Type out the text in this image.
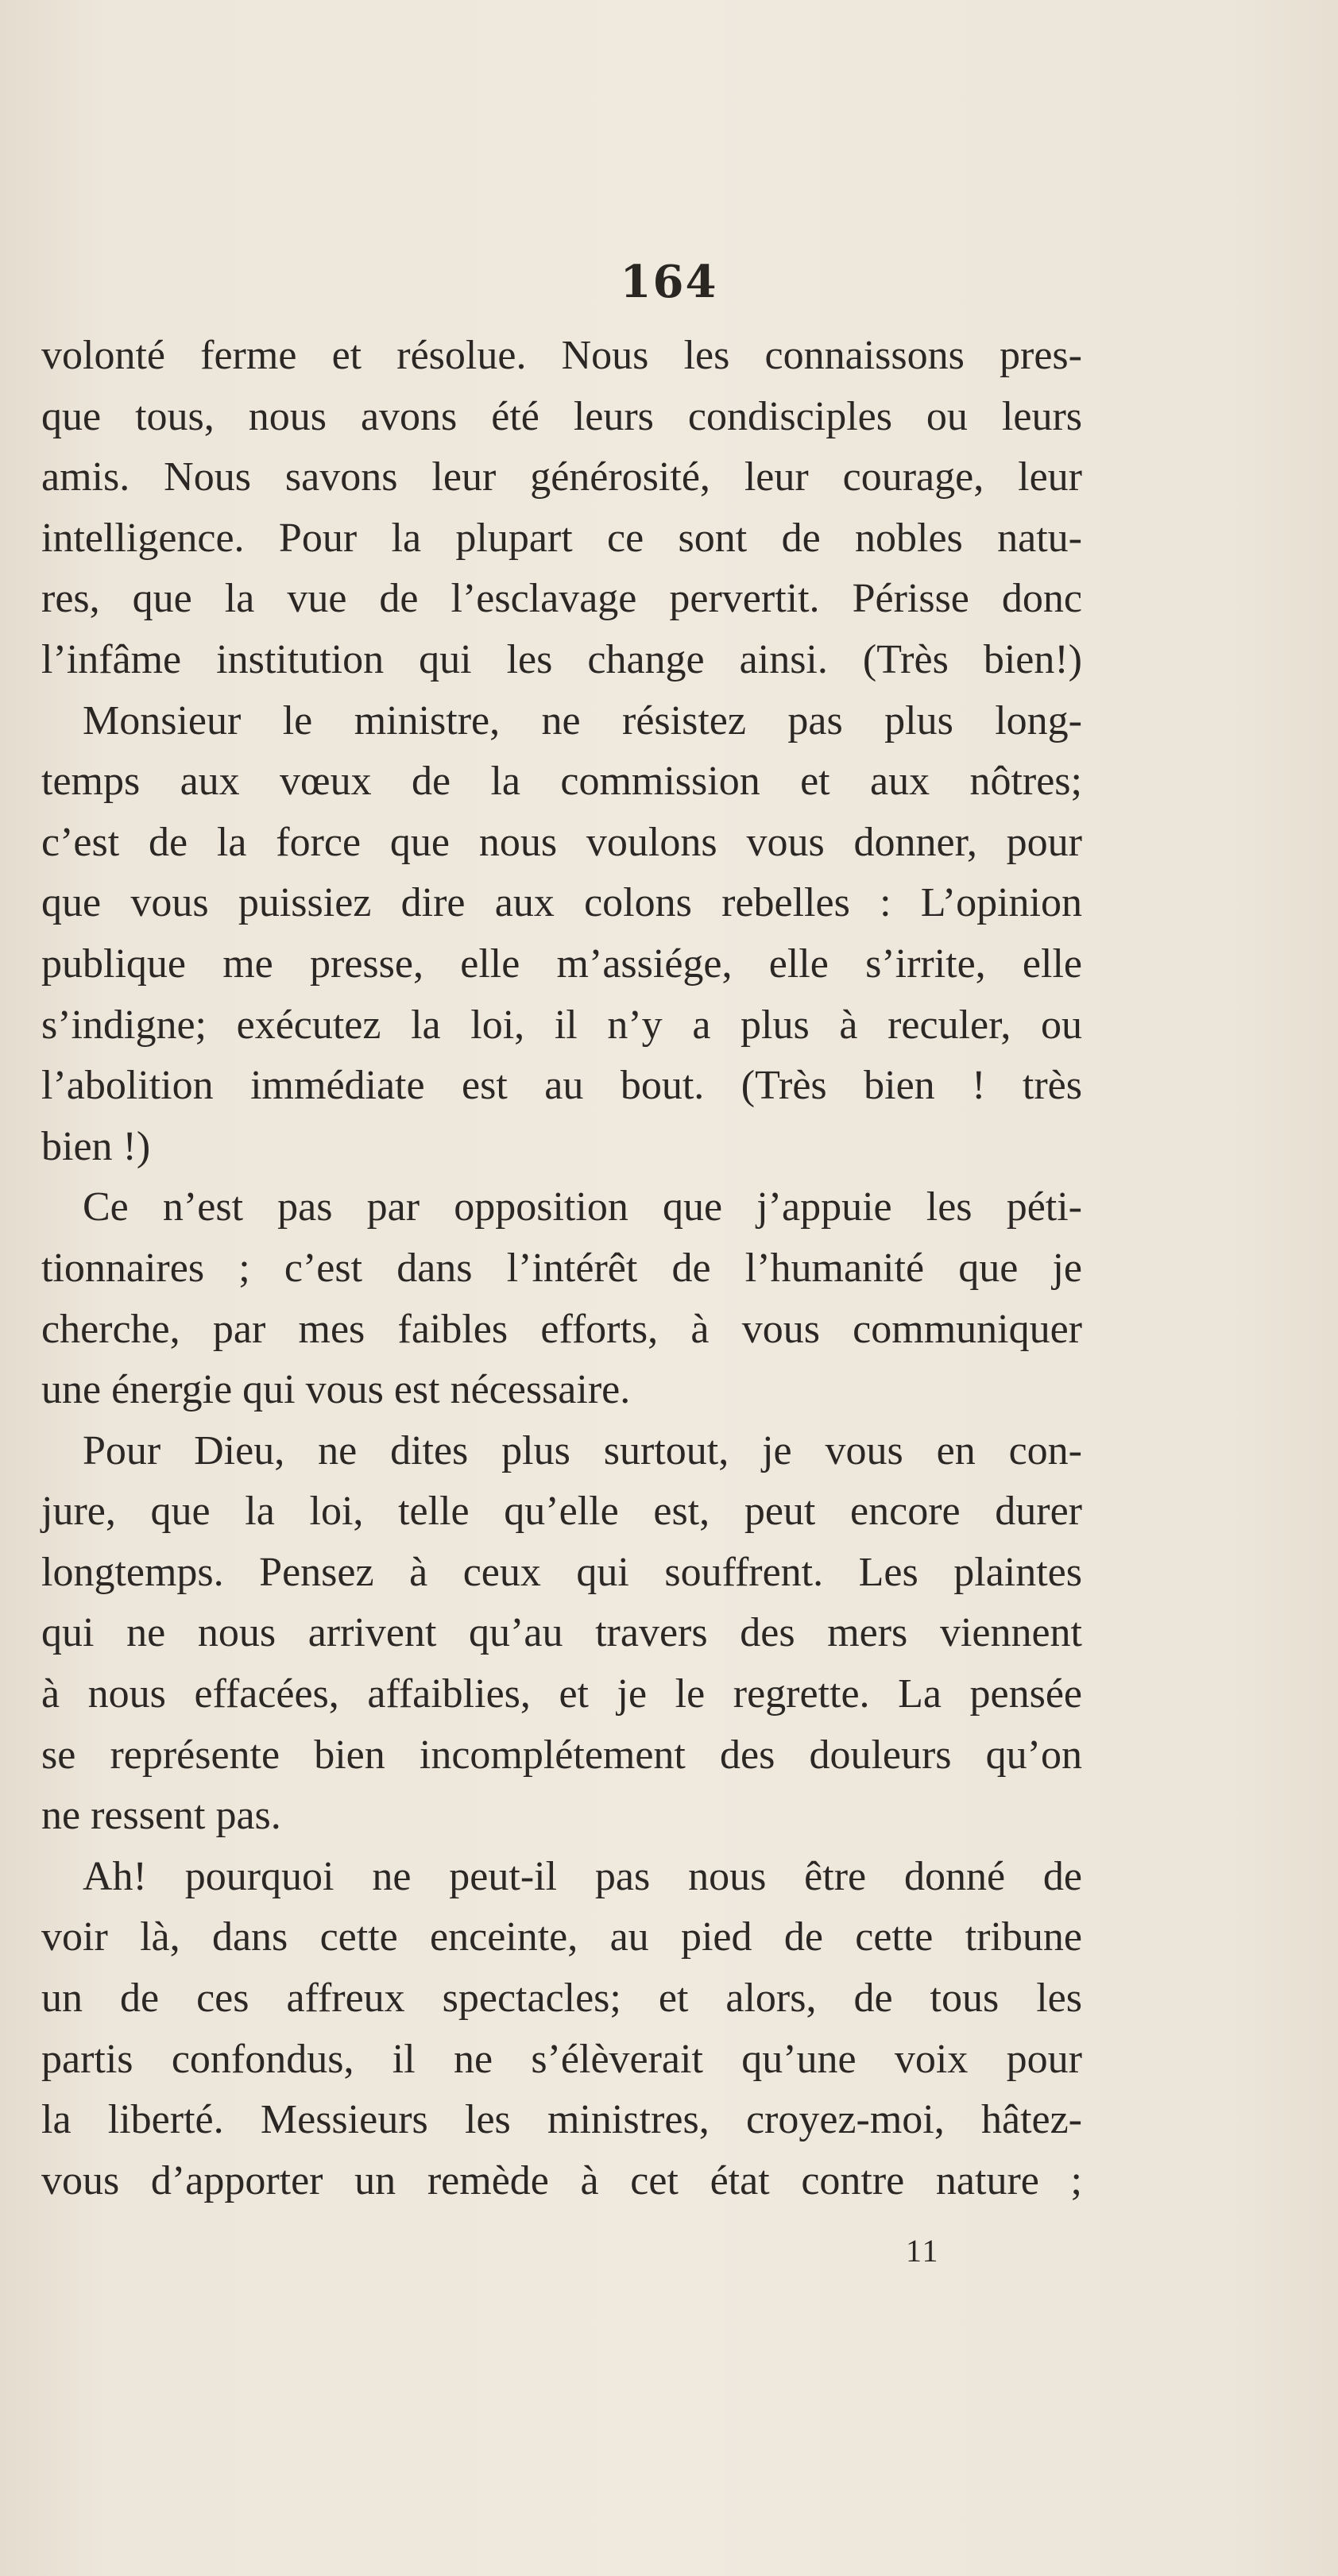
164
volonté ferme et résolue. Nous les connaissons pres-
que tous, nous avons été leurs condisciples ou leurs
amis. Nous savons leur générosité, leur courage, leur
intelligence. Pour la plupart ce sont de nobles natu-
res, que la vue de l’esclavage pervertit. Périsse donc
l’infâme institution qui les change ainsi. (Très bien!)
Monsieur le ministre, ne résistez pas plus long-
temps aux vœux de la commission et aux nôtres;
c’est de la force que nous voulons vous donner, pour
que vous puissiez dire aux colons rebelles : L’opinion
publique me presse, elle m’assiége, elle s’irrite, elle
s’indigne; exécutez la loi, il n’y a plus à reculer, ou
l’abolition immédiate est au bout. (Très bien ! très
bien !)
Ce n’est pas par opposition que j’appuie les péti-
tionnaires ; c’est dans l’intérêt de l’humanité que je
cherche, par mes faibles efforts, à vous communiquer
une énergie qui vous est nécessaire.
Pour Dieu, ne dites plus surtout, je vous en con-
jure, que la loi, telle qu’elle est, peut encore durer
longtemps. Pensez à ceux qui souffrent. Les plaintes
qui ne nous arrivent qu’au travers des mers viennent
à nous effacées, affaiblies, et je le regrette. La pensée
se représente bien incomplétement des douleurs qu’on
ne ressent pas.
Ah! pourquoi ne peut-il pas nous être donné de
voir là, dans cette enceinte, au pied de cette tribune
un de ces affreux spectacles; et alors, de tous les
partis confondus, il ne s’élèverait qu’une voix pour
la liberté. Messieurs les ministres, croyez-moi, hâtez-
vous d’apporter un remède à cet état contre nature ;
11
